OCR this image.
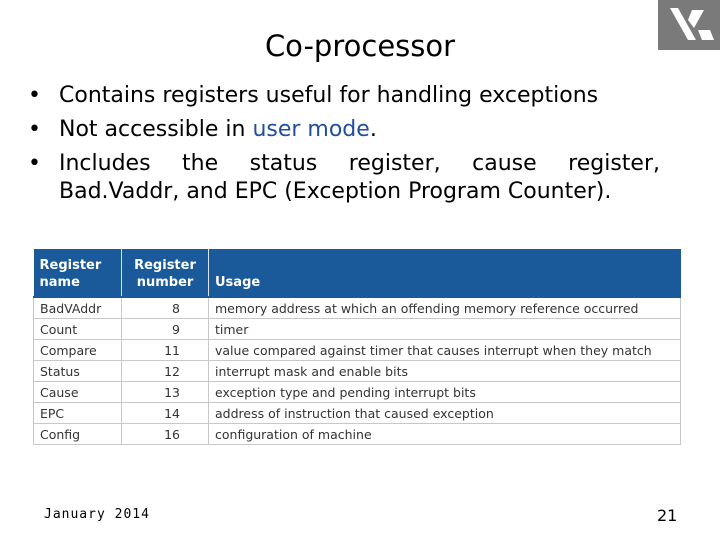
Co-processor
• Contains registers useful for handling exceptions
• Not accessible in user mode.
• Includes the status register, cause register, Bad.Vaddr, and EPC (Exception Program Counter).
Register name	Register number	Usage
BadVAddr	8	memory address at which an offending memory reference occurred
Count	9	timer
Compare	11	value compared against timer that causes interrupt when they match
Status	12	interrupt mask and enable bits
Cause	13	exception type and pending interrupt bits
EPC	14	address of instruction that caused exception
Config	16	configuration of machine
January 2014	21
